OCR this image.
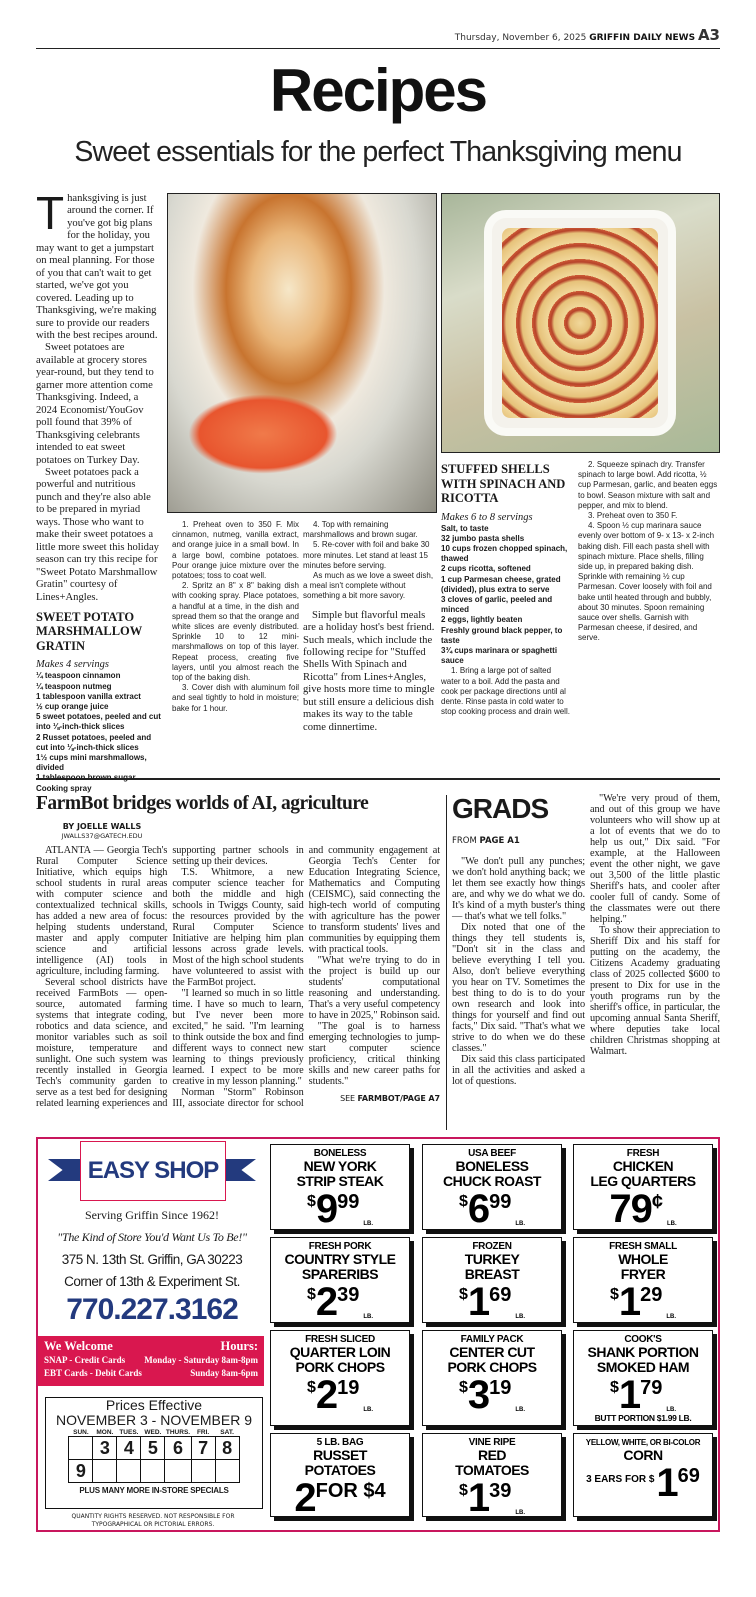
Thursday, November 6, 2025 GRIFFIN DAILY NEWS A3
Recipes
Sweet essentials for the perfect Thanksgiving menu

Thanksgiving is just around the corner. If you've got big plans for the holiday, you may want to get a jumpstart on meal planning. For those of you that can't wait to get started, we've got you covered. Leading up to Thanksgiving, we're making sure to provide our readers with the best recipes around.

Sweet potatoes are available at grocery stores year-round, but they tend to garner more attention come Thanksgiving. Indeed, a 2024 Economist/YouGov poll found that 39% of Thanksgiving celebrants intended to eat sweet potatoes on Turkey Day.

Sweet potatoes pack a powerful and nutritious punch and they're also able to be prepared in myriad ways. Those who want to make their sweet potatoes a little more sweet this holiday season can try this recipe for "Sweet Potato Marshmallow Gratin" courtesy of Lines+Angles.

SWEET POTATO MARSHMALLOW GRATIN
Makes 4 servings
¼ teaspoon cinnamon
¼ teaspoon nutmeg
1 tablespoon vanilla extract
½ cup orange juice
5 sweet potatoes, peeled and cut into ⅛-inch-thick slices
2 Russet potatoes, peeled and cut into ⅛-inch-thick slices
1½ cups mini marshmallows, divided
Cooking spray

1. Preheat oven to 350 F. Mix cinnamon, nutmeg, vanilla extract, and orange juice in a small bowl. In a large bowl, combine potatoes. Pour orange juice mixture over the potatoes; toss to coat well.

2. Spritz an 8" x 8" baking dish with cooking spray. Place potatoes, a handful at a time, in the dish and spread them so that the orange and white slices are evenly distributed. Sprinkle 10 to 12 mini-marshmallows on top of this layer. Repeat process, creating five layers, until you almost reach the top of the baking dish.

3. Cover dish with aluminum foil and seal tightly to hold in moisture; bake for 1 hour.

4. Top with remaining marshmallows and brown sugar.

5. Re-cover with foil and bake 30 more minutes. Let stand at least 15 minutes before serving.

As much as we love a sweet dish, a meal isn't complete without something a bit more savory.

Simple but flavorful meals are a holiday host's best friend. Such meals, which include the following recipe for "Stuffed Shells With Spinach and Ricotta" from Lines+Angles, give hosts more time to mingle but still ensure a delicious dish makes its way to the table come dinnertime.

STUFFED SHELLS WITH SPINACH AND RICOTTA
Makes 6 to 8 servings
Salt, to taste
32 jumbo pasta shells
10 cups frozen chopped spinach, thawed
2 cups ricotta, softened
1 cup Parmesan cheese, grated (divided), plus extra to serve
3 cloves of garlic, peeled and minced
2 eggs, lightly beaten
Freshly ground black pepper, to taste
3¾ cups marinara or spaghetti sauce

1. Bring a large pot of salted water to a boil. Add the pasta and cook per package directions until al dente. Rinse pasta in cold water to stop cooking process and drain well.

2. Squeeze spinach dry. Transfer spinach to large bowl. Add ricotta, ½ cup Parmesan, garlic, and beaten eggs to bowl. Season mixture with salt and pepper, and mix to blend.

3. Preheat oven to 350 F.

4. Spoon ½ cup marinara sauce evenly over bottom of 9- x 13- x 2-inch baking dish. Fill each pasta shell with spinach mixture. Place shells, filling side up, in prepared baking dish. Sprinkle with remaining ½ cup Parmesan. Cover loosely with foil and bake until heated through and bubbly, about 30 minutes. Spoon remaining sauce over shells. Garnish with Parmesan cheese, if desired, and serve.

FarmBot bridges worlds of AI, agriculture
BY JOELLE WALLS
JWALLS37@GATECH.EDU

ATLANTA — Georgia Tech's Rural Computer Science Initiative, which equips high school students in rural areas with computer science and contextualized technical skills, has added a new area of focus: helping students understand, master and apply computer science and artificial intelligence (AI) tools in agriculture, including farming.

Several school districts have received FarmBots — open-source, automated farming systems that integrate coding, robotics and data science, and monitor variables such as soil moisture, temperature and sunlight. One such system was recently installed in Georgia Tech's community garden to serve as a test bed for designing related learning experiences and supporting partner schools in setting up their devices.

T.S. Whitmore, a new computer science teacher for both the middle and high schools in Twiggs County, said the resources provided by the Rural Computer Science Initiative are helping him plan lessons across grade levels. Most of the high school students have volunteered to assist with the FarmBot project.

"I learned so much in so little time. I have so much to learn, but I've never been more excited," he said. "I'm learning to think outside the box and find different ways to connect new learning to things previously learned. I expect to be more creative in my lesson planning."

Norman "Storm" Robinson III, associate director for school and community engagement at Georgia Tech's Center for Education Integrating Science, Mathematics and Computing (CEISMC), said connecting the high-tech world of computing with agriculture has the power to transform students' lives and communities by equipping them with practical tools.

"What we're trying to do in the project is build up our students' computational reasoning and understanding. That's a very useful competency to have in 2025," Robinson said.

"The goal is to harness emerging technologies to jump-start computer science proficiency, critical thinking skills and new career paths for students."

SEE FARMBOT/PAGE A7
GRADS
FROM PAGE A1

"We don't pull any punches; we don't hold anything back; we let them see exactly how things are, and why we do what we do. It's kind of a myth buster's thing — that's what we tell folks."

Dix noted that one of the things they tell students is, "Don't sit in the class and believe everything I tell you. Also, don't believe everything you hear on TV. Sometimes the best thing to do is to do your own research and look into things for yourself and find out facts," Dix said. "That's what we strive to do when we do these classes."

Dix said this class participated in all the activities and asked a lot of questions.

"We're very proud of them, and out of this group we have volunteers who will show up at a lot of events that we do to help us out," Dix said. "For example, at the Halloween event the other night, we gave out 3,500 of the little plastic Sheriff's hats, and cooler after cooler full of candy. Some of the classmates were out there helping."

To show their appreciation to Sheriff Dix and his staff for putting on the academy, the Citizens Academy graduating class of 2025 collected $600 to present to Dix for use in the youth programs run by the sheriff's office, in particular, the upcoming annual Santa Sheriff, where deputies take local children Christmas shopping at Walmart.

EASY SHOP
Serving Griffin Since 1962!
"The Kind of Store You'd Want Us To Be!"
375 N. 13th St. Griffin, GA 30223
Corner of 13th & Experiment St.
770.227.3162
We Welcome	Hours:
SNAP - Credit Cards Monday - Saturday 8am-8pm
EBT Cards - Debit Cards	Sunday 8am-6pm
Prices Effective
NOVEMBER 3 - NOVEMBER 9
SUN.	MON.	TUES.	WED.	THURS.	FRI.	SAT.
	3	4	5	6	7	8
9						
PLUS MANY MORE IN-STORE SPECIALS
QUANTITY RIGHTS RESERVED. NOT RESPONSIBLE FOR TYPOGRAPHICAL OR PICTORIAL ERRORS.
BONELESS
NEW YORK
STRIP STEAK
$ 9 99
LB.
USA BEEF
BONELESS
CHUCK ROAST
$ 6 99
LB.
FRESH
CHICKEN
LEG QUARTERS
79 ¢
LB.
FRESH PORK
COUNTRY STYLE
SPARERIBS
$ 2 39
LB.
FROZEN
TURKEY
BREAST
$ 1 69
LB.
FRESH SMALL
WHOLE
FRYER
$ 1 29
LB.
FRESH SLICED
QUARTER LOIN
PORK CHOPS
$ 2 19
LB.
FAMILY PACK
CENTER CUT
PORK CHOPS
$ 3 19
LB.
COOK'S
SHANK PORTION
SMOKED HAM
$ 1 79
LB.
BUTT PORTION $1.99 LB.
5 LB. BAG
RUSSET
POTATOES
2 FOR $4
VINE RIPE
RED
TOMATOES
$ 1 39
LB.
YELLOW, WHITE, OR BI-COLOR
CORN
3 EARS FOR $ 1 69
